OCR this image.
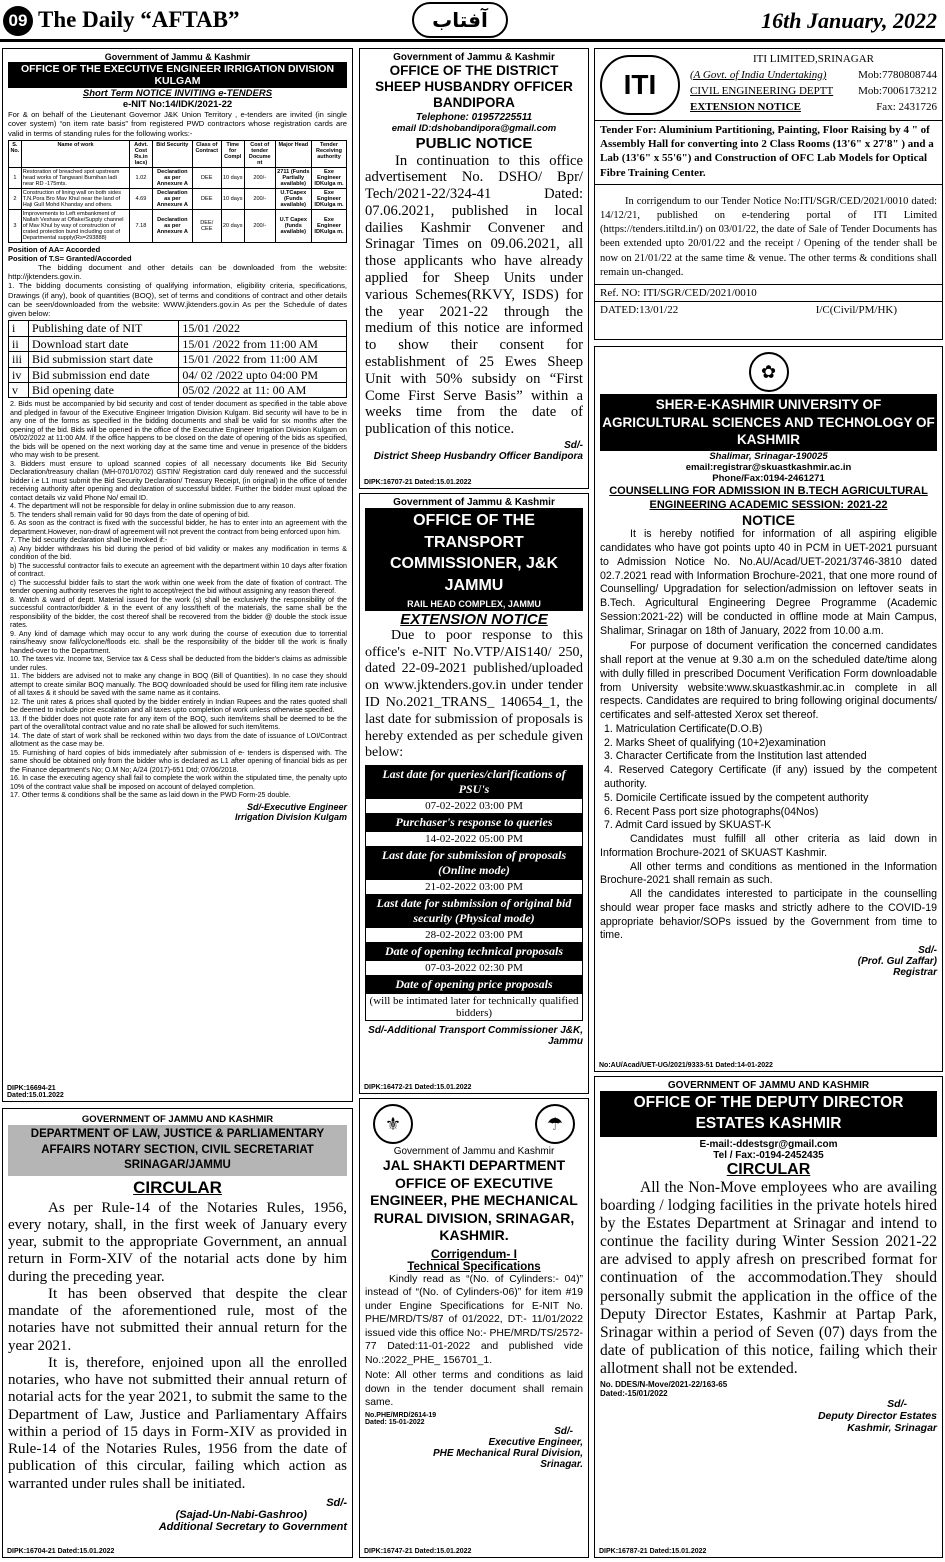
09 The Daily “AFTAB”	آفتاب	16th January, 2022
Government of Jammu & Kashmir
OFFICE OF THE EXECUTIVE ENGINEER IRRIGATION DIVISION KULGAM
Short Term NOTICE INVITING e-TENDERS
e-NIT No:14/IDK/2021-22
For & on behalf of the Lieutenant Governor J&K Union Territory , e-tenders are invited (in single cover system) “on item rate basis” from registered PWD contractors whose registration cards are valid in terms of standing rules for the following works:-
S. No.	Name of work	Advt. Cost Rs.in lacs)	Bid Security	Class of Contract	Time for Compl	Cost of tender Docume nt	Major Head	Tender Receiving authority
1	Restoration of breached spot upstream head works of Tangwani Burnihan ladi near RD -175mts.	1.02	Declaration as per Annexure A	DEE	10 days	200/-	2711 (Funds Partially available)	Exe Engineer IDKulga m.
2	Construction of lining wall on both sides T.N.Pora Bro Mav Khul near the land of Haji Gull Mohd Khanday and others.	4.69	Declaration as per Annexure A	DEE	10 days	200/-	U.TCapex (Funds available)	Exe Engineer IDKulga m.
3	Improvements to Left embankment of Nallah Veshaw at Oflake/Supply channel of Mav Khul by way of construction of crated protection bund including cost of Departmental supply(Rs=293888)	7.18	Declaration as per Annexure A	DEE/ CEE	20 days	200/-	U.T Capex (funds available)	Exe Engineer IDKulga m.
Position of AA= Accorded
Position of T.S= Granted/Accorded
The bidding document and other details can be downloaded from the website: http://jktenders.gov.in.
1. The bidding documents consisting of qualifying information, eligibility criteria, specifications, Drawings (if any), book of quantities (BOQ), set of terms and conditions of contract and other details can be seen/downloaded from the website: WWW.jktenders.gov.in As per the Schedule of dates given below:
i	Publishing date of NIT	15/01 /2022
ii	Download start date	15/01 /2022 from 11:00 AM
iii	Bid submission start date	15/01 /2022 from 11:00 AM
iv	Bid submission end date	04/ 02 /2022 upto 04:00 PM
v	Bid opening date	05/02 /2022 at 11: 00 AM
2. Bids must be accompanied by bid security and cost of tender document as specified in the table above and pledged in favour of the Executive Engineer Irrigation Division Kulgam. Bid security will have to be in any one of the forms as specified in the bidding documents and shall be valid for six months after the opening of the bid. Bids will be opened in the office of the Executive Engineer Irrigation Division Kulgam on 05/02/2022 at 11:00 AM. If the office happens to be closed on the date of opening of the bids as specified, the bids will be opened on the next working day at the same time and venue in presence of the bidders who may wish to be present.
3. Bidders must ensure to upload scanned copies of all necessary documents like Bid Security Declaration/treasury challan (MH-0701/0702) GSTIN/ Registration card duly renewed and the successful bidder i.e L1 must submit the Bid Security Declaration/ Treasury Receipt, (in original) in the office of tender receiving authority after opening and declaration of successful bidder. Further the bidder must upload the contact details viz valid Phone No/ email ID.
4. The department will not be responsible for delay in online submission due to any reason.
5. The tenders shall remain valid for 90 days from the date of opening of bid.
6. As soon as the contract is fixed with the successful bidder, he has to enter into an agreement with the department.However, non-drawl of agreement will not prevent the contract from being enforced upon him.
7. The bid security declaration shall be invoked if:-
a) Any bidder withdraws his bid during the period of bid validity or makes any modification in terms & condition of the bid.
b) The successful contractor fails to execute an agreement with the department within 10 days after fixation of contract.
c) The successful bidder fails to start the work within one week from the date of fixation of contract. The tender opening authority reserves the right to accept/reject the bid without assigning any reason thereof.
8. Watch & ward of deptt. Material issued for the work (s) shall be exclusively the responsibility of the successful contractor/bidder & in the event of any loss/theft of the materials, the same shall be the responsibility of the bidder, the cost thereof shall be recovered from the bidder @ double the stock issue rates.
9. Any kind of damage which may occur to any work during the course of execution due to torrential rains/heavy snow fall/cyclone/floods etc. shall be the responsibility of the bidder till the work is finally handed-over to the Department.
10. The taxes viz. Income tax, Service tax & Cess shall be deducted from the bidder’s claims as admissible under rules.
11. The bidders are advised not to make any change in BOQ (Bill of Quantities). In no case they should attempt to create similar BOQ manually. The BOQ downloaded should be used for filling item rate inclusive of all taxes & it should be saved with the same name as it contains.
12. The unit rates & prices shall quoted by the bidder entirely in Indian Rupees and the rates quoted shall be deemed to include price escalation and all taxes upto completion of work unless otherwise specified.
13. If the bidder does not quote rate for any item of the BOQ, such item/items shall be deemed to be the part of the overall/total contract value and no rate shall be allowed for such item/items.
14. The date of start of work shall be reckoned within two days from the date of issuance of LOI/Contract allotment as the case may be.
15. Furnishing of hard copies of bids immediately after submission of e- tenders is dispensed with. The same should be obtained only from the bidder who is declared as L1 after opening of financial bids as per the Finance department’s No; O.M No; A/24 (2017)-651 Dtd; 07/06/2018.
16. In case the executing agency shall fail to complete the work within the stipulated time, the penalty upto 10% of the contract value shall be imposed on account of delayed completion.
17. Other terms & conditions shall be the same as laid down in the PWD Form-25 double.
Sd/-Executive Engineer
Irrigation Division Kulgam
DIPK:16694-21
Dated:15.01.2022
Government of Jammu & Kashmir
OFFICE OF THE DISTRICT SHEEP HUSBANDRY OFFICER BANDIPORA
Telephone: 01957225511
email ID:dshobandipora@gmail.com
PUBLIC NOTICE
In continuation to this office advertisement No. DSHO/ Bpr/ Tech/2021-22/324-41 Dated: 07.06.2021, published in local dailies Kashmir Convener and Srinagar Times on 09.06.2021, all those applicants who have already applied for Sheep Units under various Schemes(RKVY, ISDS) for the year 2021-22 through the medium of this notice are informed to show their consent for establishment of 25 Ewes Sheep Unit with 50% subsidy on “First Come First Serve Basis” within a weeks time from the date of publication of this notice.
Sd/-
District Sheep Husbandry Officer Bandipora
DIPK:16707-21 Dated:15.01.2022
Government of Jammu & Kashmir
OFFICE OF THE TRANSPORT COMMISSIONER, J&K JAMMU
RAIL HEAD COMPLEX, JAMMU
EXTENSION NOTICE
Due to poor response to this office's e-NIT No.VTP/AIS140/ 250, dated 22-09-2021 published/uploaded on www.jktenders.gov.in under tender ID No.2021_TRANS_ 140654_1, the last date for submission of proposals is hereby extended as per schedule given below:
Last date for queries/clarifications of PSU's
07-02-2022 03:00 PM
Purchaser's response to queries
14-02-2022 05:00 PM
Last date for submission of proposals (Online mode)
21-02-2022 03:00 PM
Last date for submission of original bid security (Physical mode)
28-02-2022 03:00 PM
Date of opening technical proposals
07-03-2022 02:30 PM
Date of opening price proposals
(will be intimated later for technically qualified bidders)
Sd/-Additional Transport Commissioner J&K, Jammu
DIPK:16472-21 Dated:15.01.2022
ITI
ITI LIMITED,SRINAGAR
(A Govt. of India Undertaking)	Mob:7780808744
CIVIL ENGINEERING DEPTT Mob:7006173212
EXTENSION NOTICE	Fax: 2431726
Tender For: Aluminium Partitioning, Painting, Floor Raising by 4 " of Assembly Hall for converting into 2 Class Rooms (13'6" x 27'8" ) and a Lab (13'6" x 55'6") and Construction of OFC Lab Models for Optical Fibre Training Center.
In corrigendum to our Tender Notice No:ITI/SGR/CED/2021/0010 dated: 14/12/21, published on e-tendering portal of ITI Limited (https://tenders.itiltd.in/) on 03/01/22, the date of Sale of Tender Documents has been extended upto 20/01/22 and the receipt / Opening of the tender shall be now on 21/01/22 at the same time & venue. The other terms & conditions shall remain un-changed.
Ref. NO: ITI/SGR/CED/2021/0010
DATED:13/01/22	I/C(Civil/PM/HK)
✿
SHER-E-KASHMIR UNIVERSITY OF AGRICULTURAL SCIENCES AND TECHNOLOGY OF KASHMIR
Shalimar, Srinagar-190025
email:registrar@skuastkashmir.ac.in
Phone/Fax:0194-2461271
COUNSELLING FOR ADMISSION IN B.TECH AGRICULTURAL ENGINEERING ACADEMIC SESSION: 2021-22
NOTICE
It is hereby notified for information of all aspiring eligible candidates who have got points upto 40 in PCM in UET-2021 pursuant to Admission Notice No. No.AU/Acad/UET-2021/3746-3810 dated 02.7.2021 read with Information Brochure-2021, that one more round of Counselling/ Upgradation for selection/admission on leftover seats in B.Tech. Agricultural Engineering Degree Programme (Academic Session:2021-22) will be conducted in offline mode at Main Campus, Shalimar, Srinagar on 18th of January, 2022 from 10.00 a.m.
For purpose of document verification the concerned candidates shall report at the venue at 9.30 a.m on the scheduled date/time along with dully filled in prescribed Document Verification Form downloadable from University website:www.skuastkashmir.ac.in complete in all respects. Candidates are required to bring following original documents/ certificates and self-attested Xerox set thereof.
1. Matriculation Certificate(D.O.B)
2. Marks Sheet of qualifying (10+2)examination
3. Character Certificate from the Institution last attended
4. Reserved Category Certificate (if any) issued by the competent authority.
5. Domicile Certificate issued by the competent authority
6. Recent Pass port size photographs(04Nos)
7. Admit Card issued by SKUAST-K
Candidates must fulfill all other criteria as laid down in Information Brochure-2021 of SKUAST Kashmir.
All other terms and conditions as mentioned in the Information Brochure-2021 shall remain as such.
All the candidates interested to participate in the counselling should wear proper face masks and strictly adhere to the COVID-19 appropriate behavior/SOPs issued by the Government from time to time.
Sd/-
(Prof. Gul Zaffar)
Registrar
No:AU/Acad/UET-UG/2021/9333-51 Dated:14-01-2022
GOVERNMENT OF JAMMU AND KASHMIR
DEPARTMENT OF LAW, JUSTICE & PARLIAMENTARY AFFAIRS NOTARY SECTION, CIVIL SECRETARIAT SRINAGAR/JAMMU
CIRCULAR
As per Rule-14 of the Notaries Rules, 1956, every notary, shall, in the first week of January every year, submit to the appropriate Government, an annual return in Form-XIV of the notarial acts done by him during the preceding year.
It has been observed that despite the clear mandate of the aforementioned rule, most of the notaries have not submitted their annual return for the year 2021.
It is, therefore, enjoined upon all the enrolled notaries, who have not submitted their annual return of notarial acts for the year 2021, to submit the same to the Department of Law, Justice and Parliamentary Affairs within a period of 15 days in Form-XIV as provided in Rule-14 of the Notaries Rules, 1956 from the date of publication of this circular, failing which action as warranted under rules shall be initiated.
Sd/-
(Sajad-Un-Nabi-Gashroo)
Additional Secretary to Government
DIPK:16704-21 Dated:15.01.2022
⚜	☂
Government of Jammu and Kashmir
JAL SHAKTI DEPARTMENT OFFICE OF EXECUTIVE ENGINEER, PHE MECHANICAL RURAL DIVISION, SRINAGAR, KASHMIR.
Corrigendum- I
Technical Specifications
Kindly read as “(No. of Cylinders:- 04)” instead of “(No. of Cylinders-06)” for item #19 under Engine Specifications for E-NIT No. PHE/MRD/TS/87 of 01/2022, DT:- 11/01/2022 issued vide this office No:- PHE/MRD/TS/2572-77 Dated:11-01-2022 and published vide No.:2022_PHE_ 156701_1.
Note: All other terms and conditions as laid down in the tender document shall remain same.
No.PHE/MRD/2614-19
Dated: 15-01-2022
Sd/-
Executive Engineer,
PHE Mechanical Rural Division,
Srinagar.
DIPK:16747-21 Dated:15.01.2022
GOVERNMENT OF JAMMU AND KASHMIR
OFFICE OF THE DEPUTY DIRECTOR ESTATES KASHMIR
E-mail:-ddestsgr@gmail.com
Tel / Fax:-0194-2452435
CIRCULAR
All the Non-Move employees who are availing boarding / lodging facilities in the private hotels hired by the Estates Department at Srinagar and intend to continue the facility during Winter Session 2021-22 are advised to apply afresh on prescribed format for continuation of the accommodation.They should personally submit the application in the office of the Deputy Director Estates, Kashmir at Partap Park, Srinagar within a period of Seven (07) days from the date of publication of this notice, failing which their allotment shall not be extended.
No. DDES/N-Move/2021-22/163-65
Dated:-15/01/2022
Sd/-
Deputy Director Estates
Kashmir, Srinagar
DIPK:16787-21 Dated:15.01.2022
